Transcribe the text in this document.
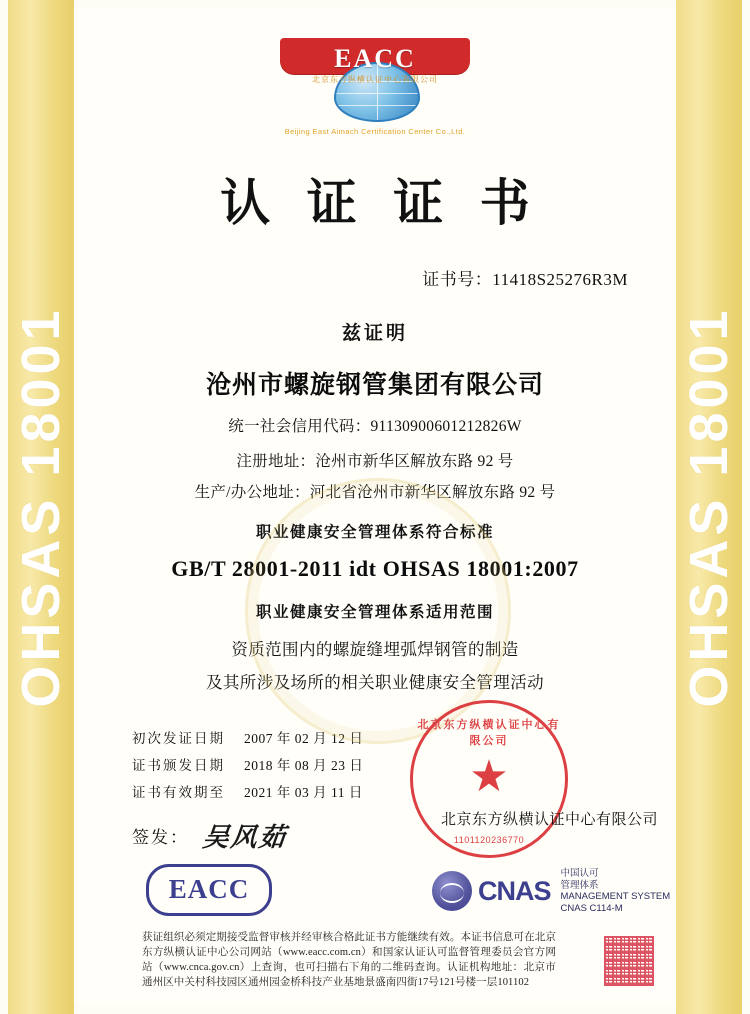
OHSAS 18001	OHSAS 18001
EACC
北京东方纵横认证中心有限公司
Beijing East Aimach Certification Center Co.,Ltd.
认 证 证 书
证书号：11418S25276R3M
兹证明
沧州市螺旋钢管集团有限公司
统一社会信用代码：91130900601212826W
注册地址：沧州市新华区解放东路 92 号
生产/办公地址：河北省沧州市新华区解放东路 92 号
职业健康安全管理体系符合标准
GB/T 28001-2011 idt OHSAS 18001:2007
职业健康安全管理体系适用范围
资质范围内的螺旋缝埋弧焊钢管的制造
及其所涉及场所的相关职业健康安全管理活动
初次发证日期	2007 年 02 月 12 日
证书颁发日期	2018 年 08 月 23 日
证书有效期至	2021 年 03 月 11 日
签发： 吴风茹
北京东方纵横认证中心有限公司
★
1101120236770
北京东方纵横认证中心有限公司
EACC	CNAS
中国认可
管理体系
MANAGEMENT SYSTEM
CNAS C114-M
获证组织必须定期接受监督审核并经审核合格此证书方能继续有效。本证书信息可在北京东方纵横认证中心公司网站（www.eacc.com.cn）和国家认证认可监督管理委员会官方网站（www.cnca.gov.cn）上查询，也可扫描右下角的二维码查询。认证机构地址：北京市通州区中关村科技园区通州园金桥科技产业基地景盛南四街17号121号楼一层101102
